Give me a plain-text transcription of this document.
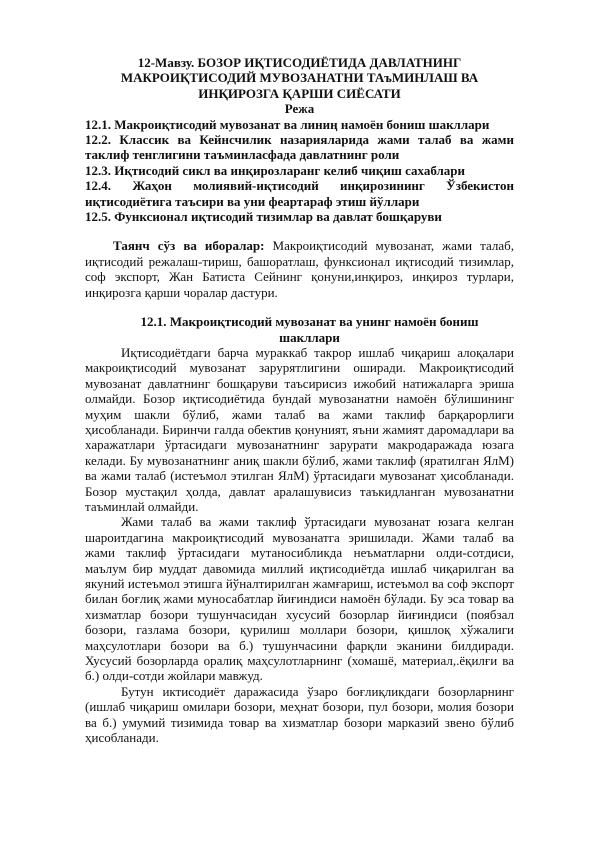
12-Мавзу. БОЗОР ИҚТИСОДИЁТИДА ДАВЛАТНИНГ
МАКРОИҚТИСОДИЙ МУВОЗАНАТНИ ТАъМИНЛАШ ВА
ИНҚИРОЗГА ҚАРШИ СИЁСАТИ
Режа
12.1. Макроиқтисодий мувозанат ва линиң намоён бониш шакллари
12.2. Классик ва Кейнсчилик назарияларида жами талаб ва жами
таклиф тенглигини таъминласфада давлатнинг роли
12.3. Иқтисодий сикл ва инқирозларанг келиб чиқиш сахаблари
12.4. Жаҳон молиявий-иқтисодий инқирозининг Ўзбекистон
иқтисодиётига таъсири ва уни феартараф этиш йўллари
12.5. Функсионал иқтисодий тизимлар ва давлат бошқаруви
Таянч сўз ва иборалар: Макроиқтисодий мувозанат, жами талаб, иқтисодий режалаш-тириш, башоратлаш, функсионал иқтисодий тизимлар, соф экспорт, Жан Батиста Сейнинг қонуни,инқироз, инқироз турлари, инқирозга қарши чоралар дастури.
12.1. Макроиқтисодий мувозанат ва унинг намоён бониш
шакллари

Иқтисодиётдаги барча мураккаб такрор ишлаб чиқариш алоқалари макроиқтисодий мувозанат зарурятлигини оширади. Макроиқтисодий мувозанат давлатнинг бошқаруви таъсирисиз ижобий натижаларга эриша олмайди. Бозор иқтисодиётида бундай мувозанатни намоён бўлишининг муҳим шакли бўлиб, жами талаб ва жами таклиф барқарорлиги ҳисобланади. Биринчи галда обектив қонуният, яъни жамият даромадлари ва харажатлари ўртасидаги мувозанатнинг зарурати макродаражада юзага келади. Бу мувозанатнинг аниқ шакли бўлиб, жами таклиф (яратилган ЯлМ) ва жами талаб (истеъмол этилган ЯлМ) ўртасидаги мувозанат ҳисобланади. Бозор мустақил ҳолда, давлат аралашувисиз таъкидланган мувозанатни таъминлай олмайди.

Жами талаб ва жами таклиф ўртасидаги мувозанат юзага келган шароитдагина макроиқтисодий мувозанатга эришилади. Жами талаб ва жами таклиф ўртасидаги мутаносибликда неъматларни олди-сотдиси, маълум бир муддат давомида миллий иқтисодиётда ишлаб чиқарилган ва якуний истеъмол этишга йўналтирилган жамғариш, истеъмол ва соф экспорт билан боғлиқ жами муносабатлар йиғиндиси намоён бўлади. Бу эса товар ва хизматлар бозори тушунчасидан хусусий бозорлар йиғиндиси (поябзал бозори, газлама бозори, қурилиш моллари бозори, қишлоқ хўжалиги маҳсулотлари бозори ва б.) тушунчасини фарқли эканини билдиради. Хусусий бозорларда оралиқ маҳсулотларнинг (хомашё, материал,.ёқилғи ва б.) олди-сотди жойлари мавжуд.

Бутун иктисодиёт даражасида ўзаро боғлиқликдаги бозорларнинг (ишлаб чиқариш омилари бозори, меҳнат бозори, пул бозори, молия бозори ва б.) умумий тизимида товар ва хизматлар бозори марказий звено бўлиб ҳисобланади.
